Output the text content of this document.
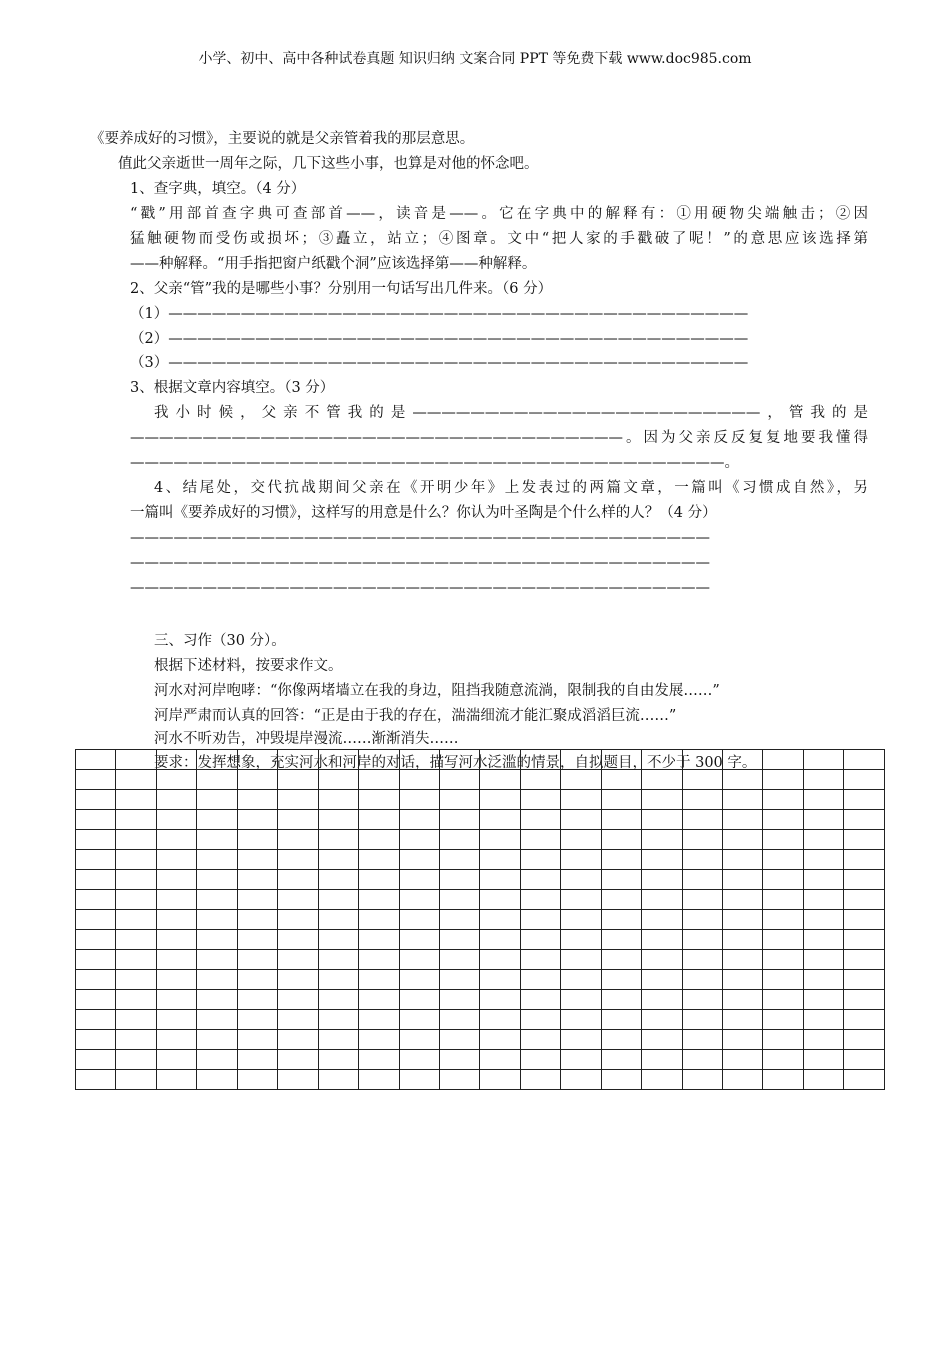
小学、初中、高中各种试卷真题 知识归纳 文案合同 PPT 等免费下载 www.doc985.com
《要养成好的习惯》，主要说的就是父亲管着我的那层意思。
值此父亲逝世一周年之际，几下这些小事，也算是对他的怀念吧。
1、查字典，填空。（4 分）
“戳”用部首查字典可查部首——，读音是——。它在字典中的解释有：①用硬物尖端触击；②因
猛触硬物而受伤或损坏；③矗立，站立；④图章。文中“把人家的手戳破了呢！”的意思应该选择第
——种解释。“用手指把窗户纸戳个洞”应该选择第——种解释。
2、父亲“管”我的是哪些小事？分别用一句话写出几件来。（6 分）
（1）————————————————————————————————————————
（2）————————————————————————————————————————
（3）————————————————————————————————————————
3、根据文章内容填空。（3 分）
我小时候，父亲不管我的是————————————————————————，管我的是
——————————————————————————————————。因为父亲反反复复地要我懂得
—————————————————————————————————————————。
4、结尾处，交代抗战期间父亲在《开明少年》上发表过的两篇文章，一篇叫《习惯成自然》，另
一篇叫《要养成好的习惯》，这样写的用意是什么？你认为叶圣陶是个什么样的人？（4 分）
————————————————————————————————————————
————————————————————————————————————————
————————————————————————————————————————
三、习作（30 分）。
根据下述材料，按要求作文。
河水对河岸咆哮：“你像两堵墙立在我的身边，阻挡我随意流淌，限制我的自由发展……”
河岸严肃而认真的回答：“正是由于我的存在，湍湍细流才能汇聚成滔滔巨流……”
河水不听劝告，冲毁堤岸漫流……渐渐消失……
要求：发挥想象，充实河水和河岸的对话，描写河水泛滥的情景，自拟题目，不少于 300 字。
